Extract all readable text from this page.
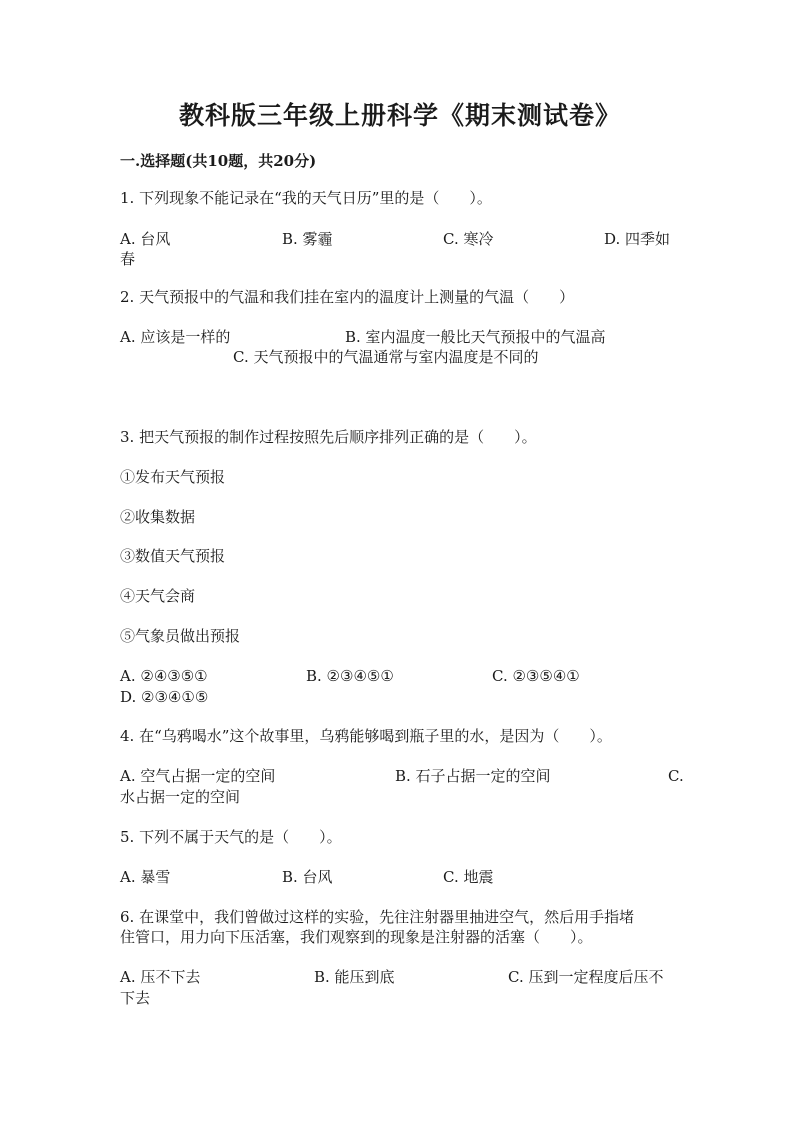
教科版三年级上册科学《期末测试卷》
一.选择题(共10题，共20分)
1. 下列现象不能记录在“我的天气日历”里的是（　　）。
A. 台风	B. 雾霾	C. 寒冷	D. 四季如
春
2. 天气预报中的气温和我们挂在室内的温度计上测量的气温（　　）
A. 应该是一样的	B. 室内温度一般比天气预报中的气温高
C. 天气预报中的气温通常与室内温度是不同的
3. 把天气预报的制作过程按照先后顺序排列正确的是（　　）。
①发布天气预报
②收集数据
③数值天气预报
④天气会商
⑤气象员做出预报
A. ②④③⑤①	B. ②③④⑤①	C. ②③⑤④①
D. ②③④①⑤
4. 在“乌鸦喝水”这个故事里，乌鸦能够喝到瓶子里的水，是因为（　　）。
A. 空气占据一定的空间	B. 石子占据一定的空间	C.
水占据一定的空间
5. 下列不属于天气的是（　　）。
A. 暴雪	B. 台风	C. 地震
6. 在课堂中，我们曾做过这样的实验，先往注射器里抽进空气，然后用手指堵
住管口，用力向下压活塞，我们观察到的现象是注射器的活塞（　　）。
A. 压不下去	B. 能压到底	C. 压到一定程度后压不
下去
